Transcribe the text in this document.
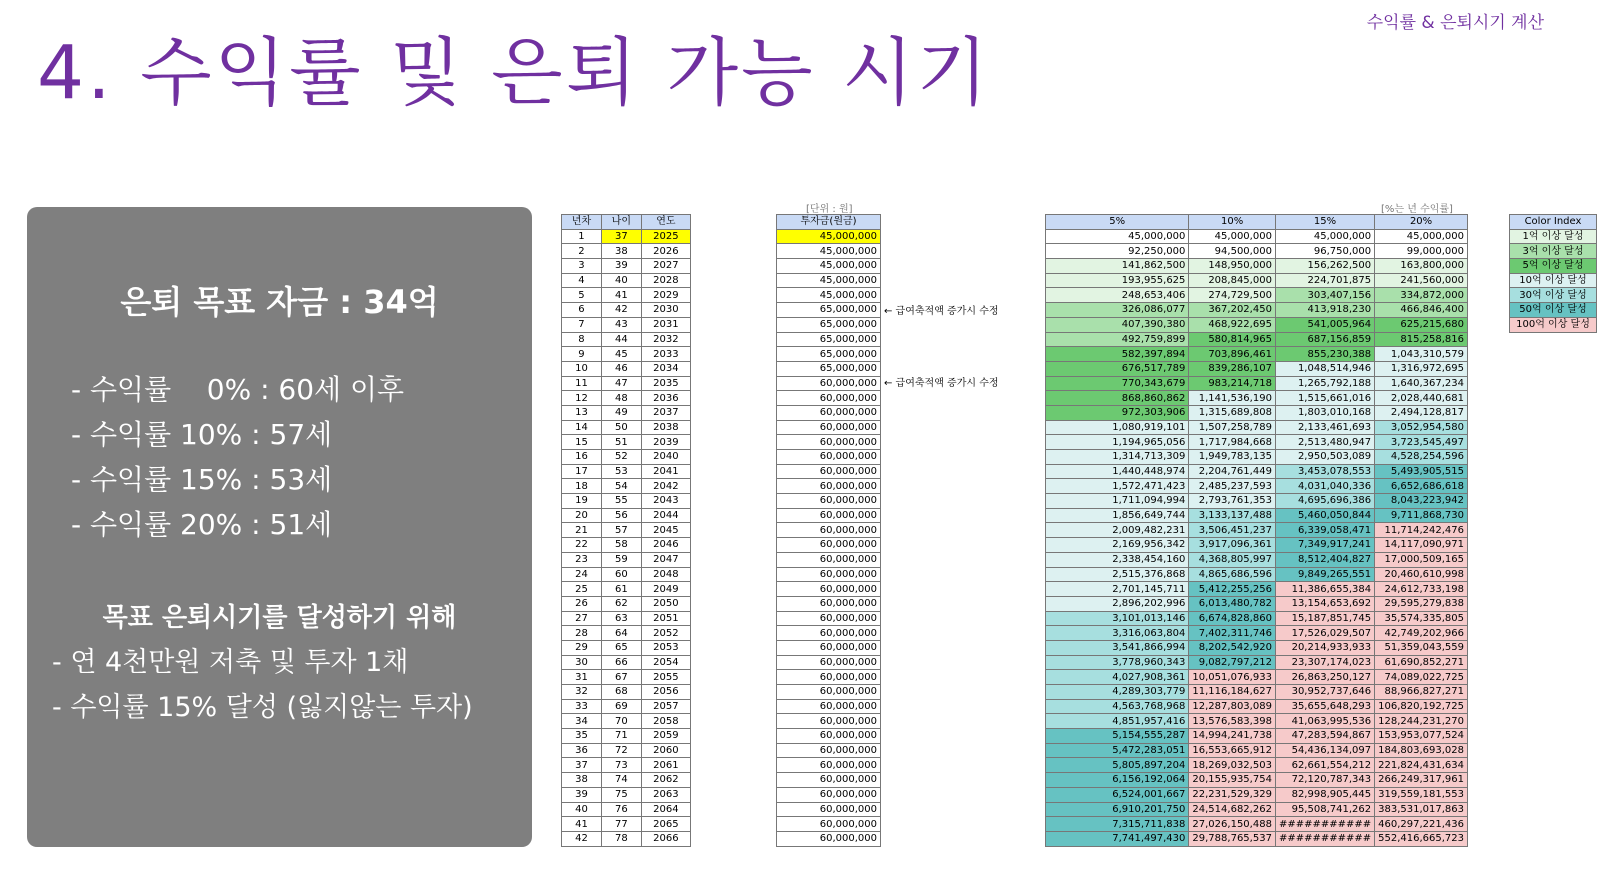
수익률 & 은퇴시기 계산
4. 수익률 및 은퇴 가능 시기
은퇴 목표 자금 : 34억
- 수익률    0% : 60세 이후
- 수익률 10% : 57세
- 수익률 15% : 53세
- 수익률 20% : 51세
목표 은퇴시기를 달성하기 위해
- 연 4천만원 저축 및 투자 1채
- 수익률 15% 달성 (잃지않는 투자)
년차	나이	연도
1	37	2025
2	38	2026
3	39	2027
4	40	2028
5	41	2029
6	42	2030
7	43	2031
8	44	2032
9	45	2033
10	46	2034
11	47	2035
12	48	2036
13	49	2037
14	50	2038
15	51	2039
16	52	2040
17	53	2041
18	54	2042
19	55	2043
20	56	2044
21	57	2045
22	58	2046
23	59	2047
24	60	2048
25	61	2049
26	62	2050
27	63	2051
28	64	2052
29	65	2053
30	66	2054
31	67	2055
32	68	2056
33	69	2057
34	70	2058
35	71	2059
36	72	2060
37	73	2061
38	74	2062
39	75	2063
40	76	2064
41	77	2065
42	78	2066
[단위 : 원]
투자금(원금)
45,000,000
45,000,000
45,000,000
45,000,000
45,000,000
65,000,000
65,000,000
65,000,000
65,000,000
65,000,000
60,000,000
60,000,000
60,000,000
60,000,000
60,000,000
60,000,000
60,000,000
60,000,000
60,000,000
60,000,000
60,000,000
60,000,000
60,000,000
60,000,000
60,000,000
60,000,000
60,000,000
60,000,000
60,000,000
60,000,000
60,000,000
60,000,000
60,000,000
60,000,000
60,000,000
60,000,000
60,000,000
60,000,000
60,000,000
60,000,000
60,000,000
60,000,000
← 급여축적액 증가시 수정
← 급여축적액 증가시 수정
[%는 년 수익률]
5%	10%	15%	20%
45,000,000	45,000,000	45,000,000	45,000,000
92,250,000	94,500,000	96,750,000	99,000,000
141,862,500	148,950,000	156,262,500	163,800,000
193,955,625	208,845,000	224,701,875	241,560,000
248,653,406	274,729,500	303,407,156	334,872,000
326,086,077	367,202,450	413,918,230	466,846,400
407,390,380	468,922,695	541,005,964	625,215,680
492,759,899	580,814,965	687,156,859	815,258,816
582,397,894	703,896,461	855,230,388	1,043,310,579
676,517,789	839,286,107	1,048,514,946	1,316,972,695
770,343,679	983,214,718	1,265,792,188	1,640,367,234
868,860,862	1,141,536,190	1,515,661,016	2,028,440,681
972,303,906	1,315,689,808	1,803,010,168	2,494,128,817
1,080,919,101	1,507,258,789	2,133,461,693	3,052,954,580
1,194,965,056	1,717,984,668	2,513,480,947	3,723,545,497
1,314,713,309	1,949,783,135	2,950,503,089	4,528,254,596
1,440,448,974	2,204,761,449	3,453,078,553	5,493,905,515
1,572,471,423	2,485,237,593	4,031,040,336	6,652,686,618
1,711,094,994	2,793,761,353	4,695,696,386	8,043,223,942
1,856,649,744	3,133,137,488	5,460,050,844	9,711,868,730
2,009,482,231	3,506,451,237	6,339,058,471	11,714,242,476
2,169,956,342	3,917,096,361	7,349,917,241	14,117,090,971
2,338,454,160	4,368,805,997	8,512,404,827	17,000,509,165
2,515,376,868	4,865,686,596	9,849,265,551	20,460,610,998
2,701,145,711	5,412,255,256	11,386,655,384	24,612,733,198
2,896,202,996	6,013,480,782	13,154,653,692	29,595,279,838
3,101,013,146	6,674,828,860	15,187,851,745	35,574,335,805
3,316,063,804	7,402,311,746	17,526,029,507	42,749,202,966
3,541,866,994	8,202,542,920	20,214,933,933	51,359,043,559
3,778,960,343	9,082,797,212	23,307,174,023	61,690,852,271
4,027,908,361	10,051,076,933	26,863,250,127	74,089,022,725
4,289,303,779	11,116,184,627	30,952,737,646	88,966,827,271
4,563,768,968	12,287,803,089	35,655,648,293	106,820,192,725
4,851,957,416	13,576,583,398	41,063,995,536	128,244,231,270
5,154,555,287	14,994,241,738	47,283,594,867	153,953,077,524
5,472,283,051	16,553,665,912	54,436,134,097	184,803,693,028
5,805,897,204	18,269,032,503	62,661,554,212	221,824,431,634
6,156,192,064	20,155,935,754	72,120,787,343	266,249,317,961
6,524,001,667	22,231,529,329	82,998,905,445	319,559,181,553
6,910,201,750	24,514,682,262	95,508,741,262	383,531,017,863
7,315,711,838	27,026,150,488	###########	460,297,221,436
7,741,497,430	29,788,765,537	###########	552,416,665,723
Color Index
1억 이상 달성
3억 이상 달성
5억 이상 달성
10억 이상 달성
30억 이상 달성
50억 이상 달성
100억 이상 달성
